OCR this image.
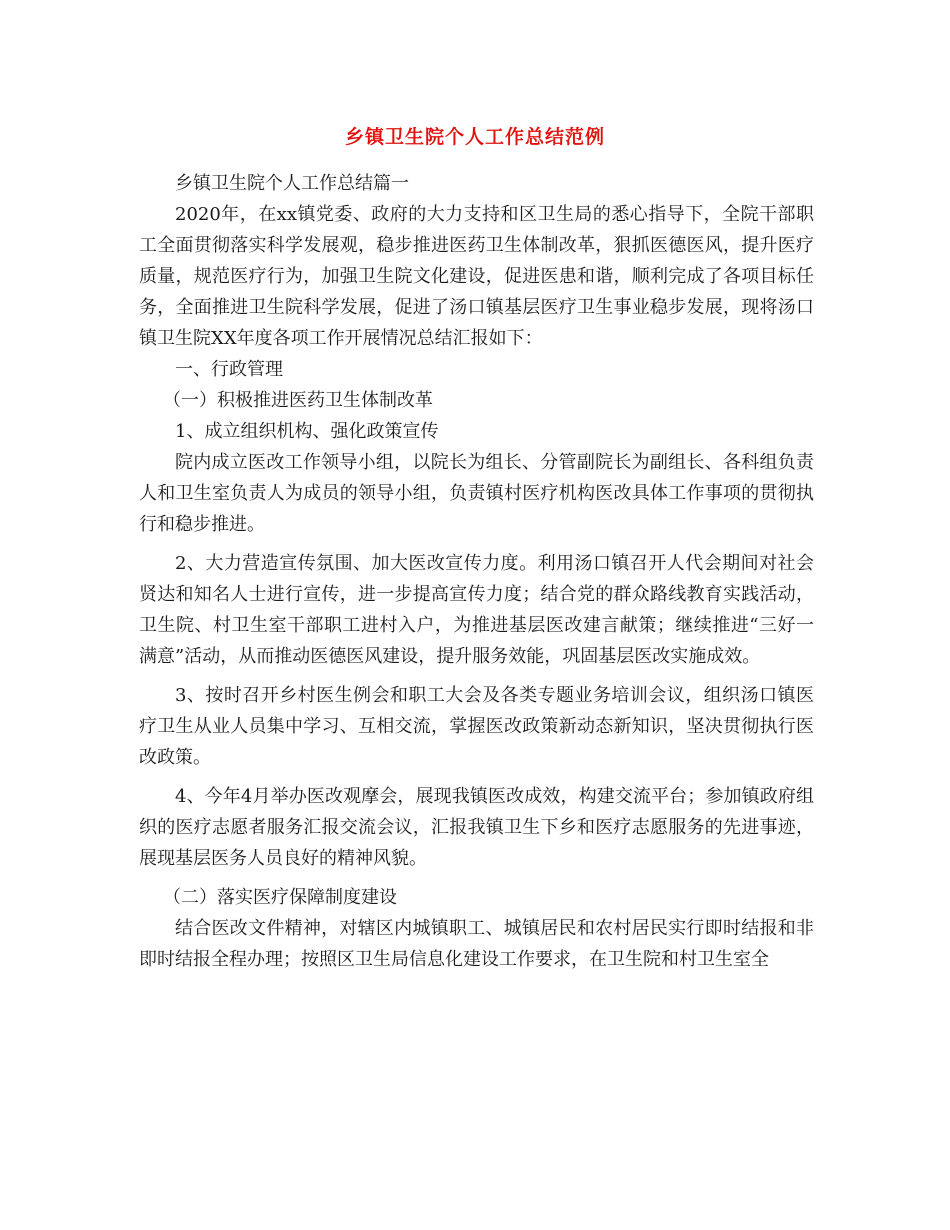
乡镇卫生院个人工作总结范例

乡镇卫生院个人工作总结篇一

2020年，在xx镇党委、政府的大力支持和区卫生局的悉心指导下，全院干部职工全面贯彻落实科学发展观，稳步推进医药卫生体制改革，狠抓医德医风，提升医疗质量，规范医疗行为，加强卫生院文化建设，促进医患和谐，顺利完成了各项目标任务，全面推进卫生院科学发展，促进了汤口镇基层医疗卫生事业稳步发展，现将汤口镇卫生院XX年度各项工作开展情况总结汇报如下：

一、行政管理

（一）积极推进医药卫生体制改革

1、成立组织机构、强化政策宣传

院内成立医改工作领导小组，以院长为组长、分管副院长为副组长、各科组负责人和卫生室负责人为成员的领导小组，负责镇村医疗机构医改具体工作事项的贯彻执行和稳步推进。

2、大力营造宣传氛围、加大医改宣传力度。利用汤口镇召开人代会期间对社会贤达和知名人士进行宣传，进一步提高宣传力度；结合党的群众路线教育实践活动，卫生院、村卫生室干部职工进村入户，为推进基层医改建言献策；继续推进“三好一满意”活动，从而推动医德医风建设，提升服务效能，巩固基层医改实施成效。

3、按时召开乡村医生例会和职工大会及各类专题业务培训会议，组织汤口镇医疗卫生从业人员集中学习、互相交流，掌握医改政策新动态新知识，坚决贯彻执行医改政策。

4、今年4月举办医改观摩会，展现我镇医改成效，构建交流平台；参加镇政府组织的医疗志愿者服务汇报交流会议，汇报我镇卫生下乡和医疗志愿服务的先进事迹，展现基层医务人员良好的精神风貌。

（二）落实医疗保障制度建设

结合医改文件精神，对辖区内城镇职工、城镇居民和农村居民实行即时结报和非即时结报全程办理；按照区卫生局信息化建设工作要求，在卫生院和村卫生室全
